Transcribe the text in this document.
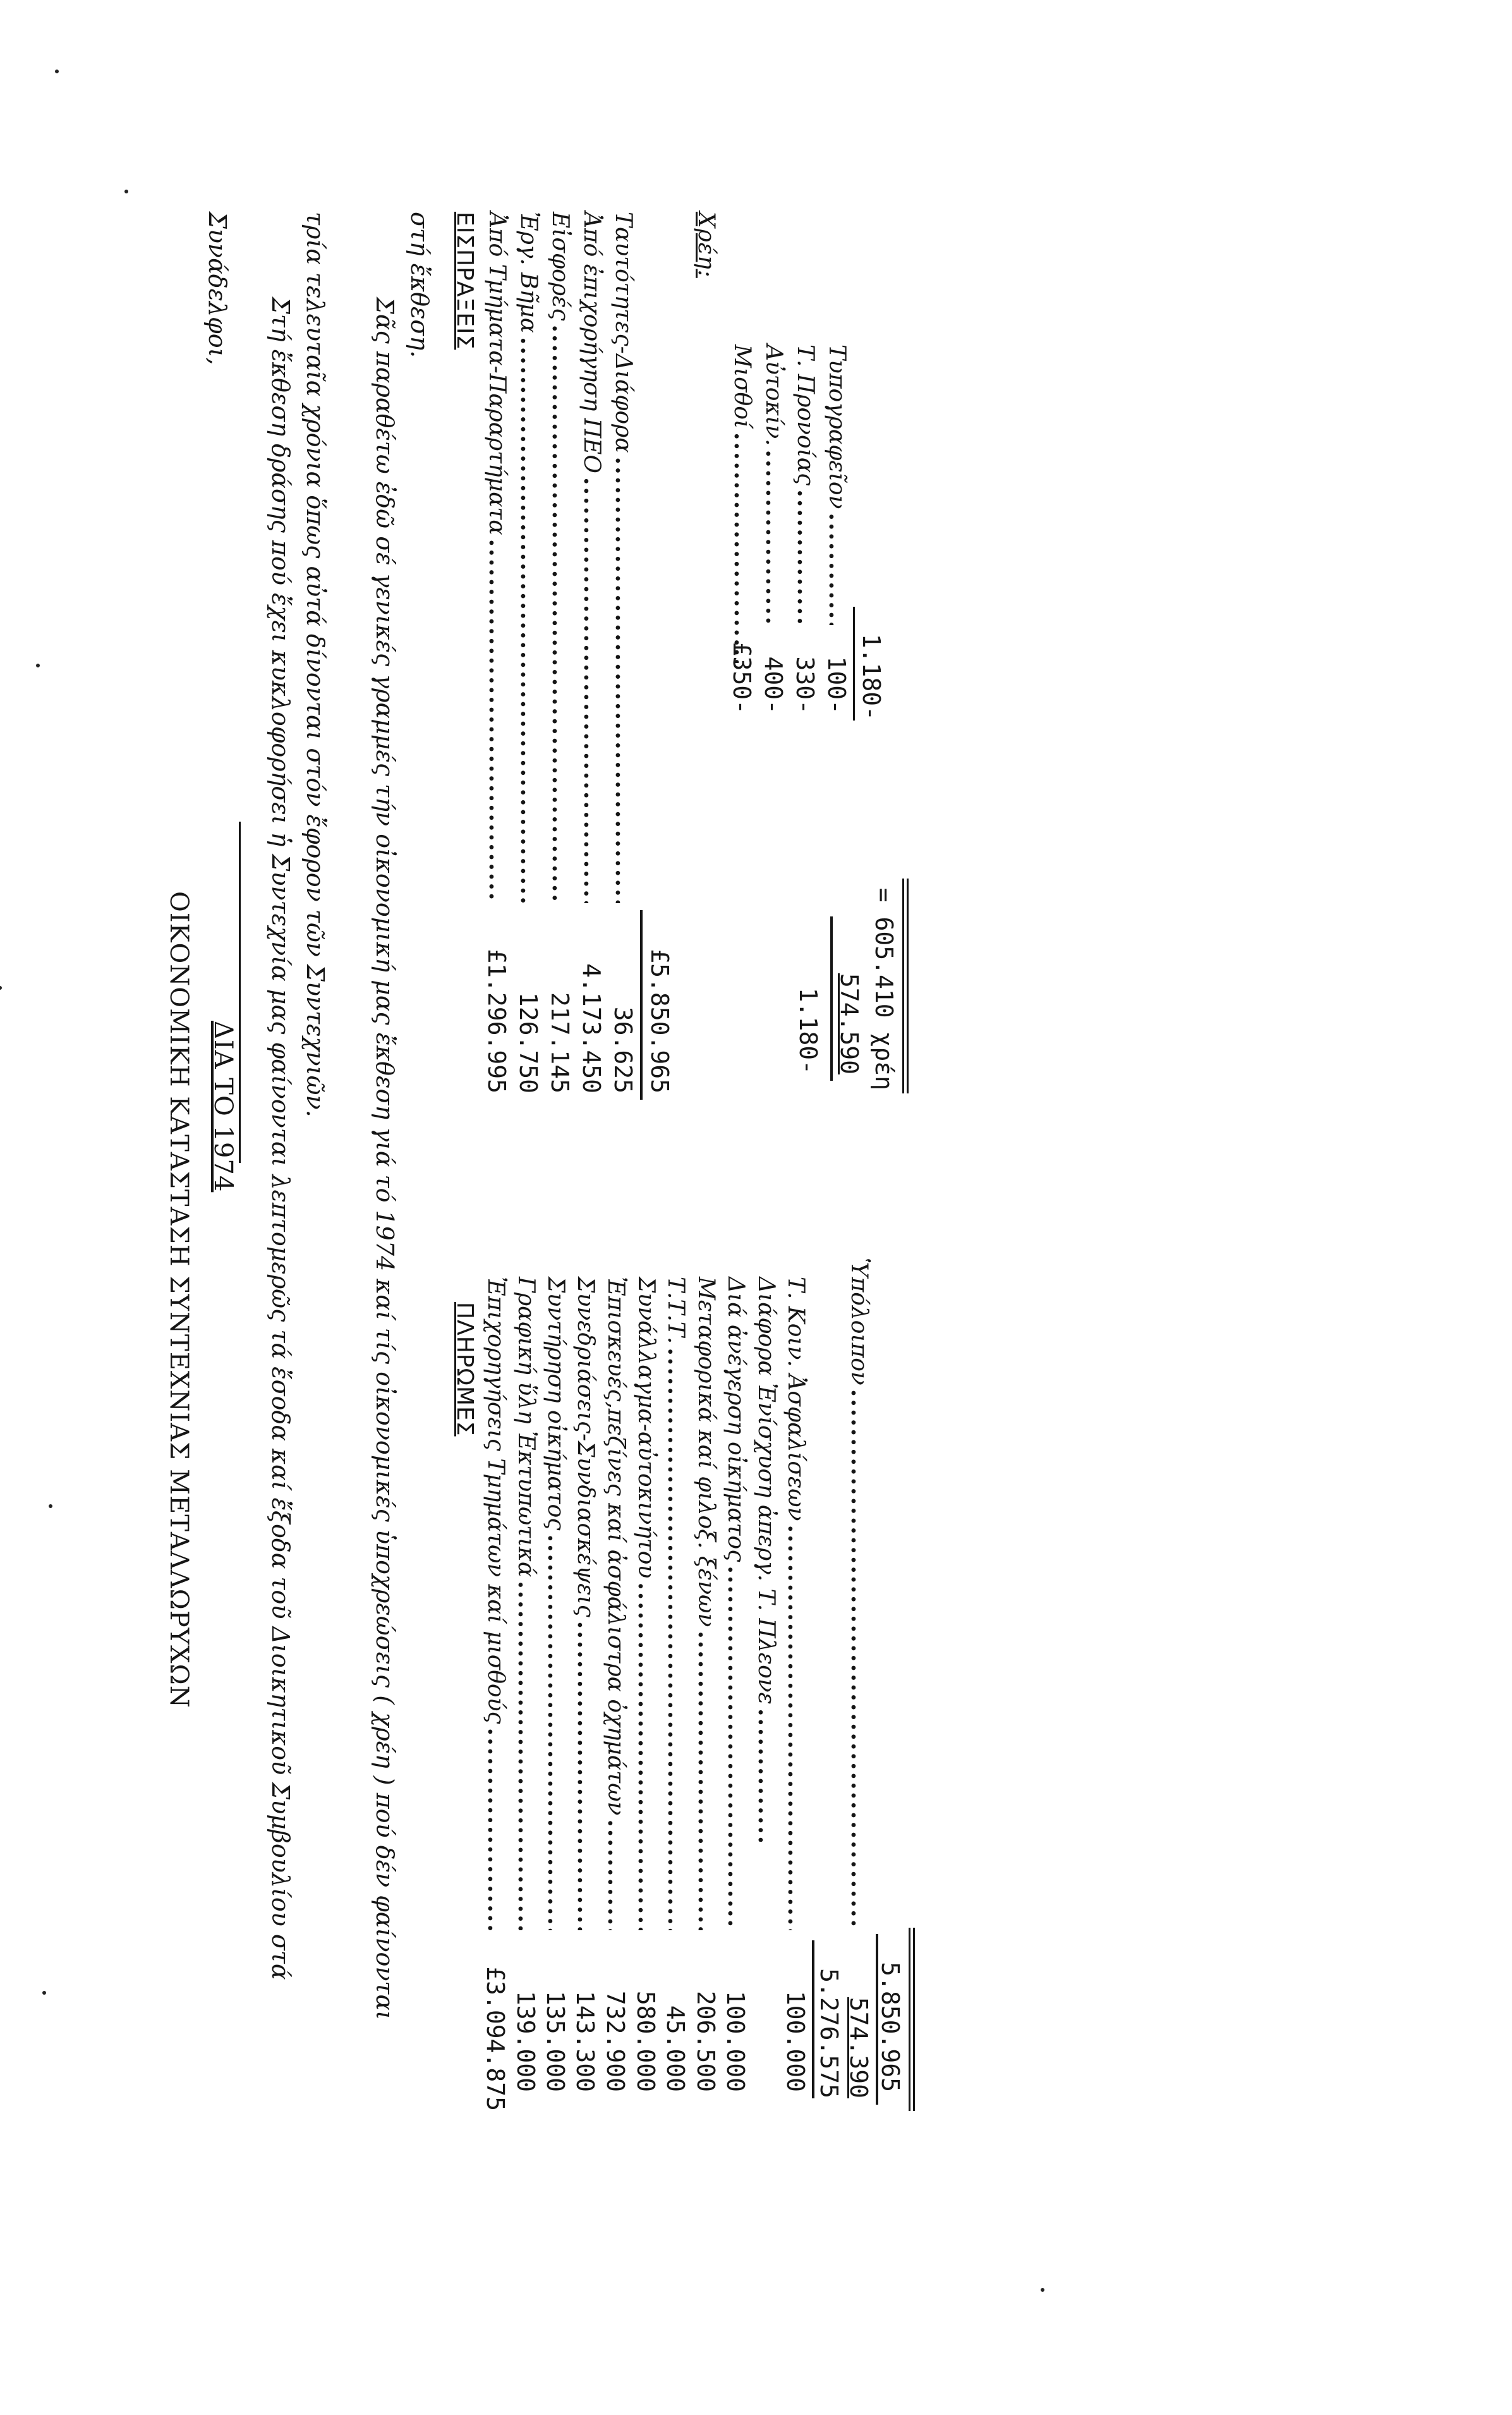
ΟΙΚΟΝΟΜΙΚΗ ΚΑΤΑΣΤΑΣΗ ΣΥΝΤΕΧΝΙΑΣ ΜΕΤΑΛΛΩΡΥΧΩΝ ΔΙΑ ΤΟ 1974
Συνάδελφοι,
Στή ἔκθεση δράσης πού ἔχει κυκλοφορήσει ἡ Συντεχνία μας φαίνονται λεπτομερῶς τά ἔσοδα καί ἔξοδα τοῦ Διοικητικοῦ Συμβουλίου στά τρία τελευταῖα χρόνια ὅπως αὐτά δίνονται στόν ἔφορον τῶν Συντεχνιῶν. Σᾶς παραθέτω ἐδῶ σέ γενικές γραμμές τήν οἰκονομική μας ἔκθεση γιά τό 1974 καί τίς οἰκονομικές ὑποχρεώσεις ( χρέη ) πού δέν φαίνονται
στή ἔκθεση. ΕΙΣΠΡΑΞΕΙΣ Ἀπό Τμήματα-Παραρτήματα
.....
£1.296.995
Ἐργ. Βῆμα
.....
126.750
Εἰσφορές
.....
217.145
Ἀπό ἐπιχορήγηση ΠΕΟ
.....
4.173.450
Ταυτότητες-Διάφορα
.....
36.625 £5.850.965
Χρέη:
Μισθοί
.....
£350-
Αὐτοκίν.
.....
400-
Τ. Προνοίας
.....
330-
Τυπογραφεῖον
.....
100- 1.180-
1.180- 574.590 = 605.410 χρέη
ΠΛΗΡΩΜΕΣ Ἐπιχορηγήσεις Τμημάτων καί μισθούς
.....
£3.094.875
Γραφική ὕλη Ἐκτυπωτικά
.....
139.000
Συντήρηση οἰκήματος
.....
135.000
Συνεδριάσεις-Συνδιασκέψεις
.....
143.300
Ἐπισκευές,πεζίνες καί ἀσφάλιστρα ὀχημάτων
.....
732.900
Συνάλλαγμα-αὐτοκινήτου
.....
580.000
Τ.Τ.Τ.
.....
45.000
Μεταφορικά καί φιλοξ. ξένων
.....
206.500
Διά ἀνέγερση οἰκήματος
.....
100.000
Διάφορα Ἐνίσχυση ἀπεργ. Τ. Πλεονε
..... Τ. Κοιν. Ἀσφαλίσεων
.....
100.000 5.276.575
Ὑπόλοιπον
.....
574.390 5.850.965
